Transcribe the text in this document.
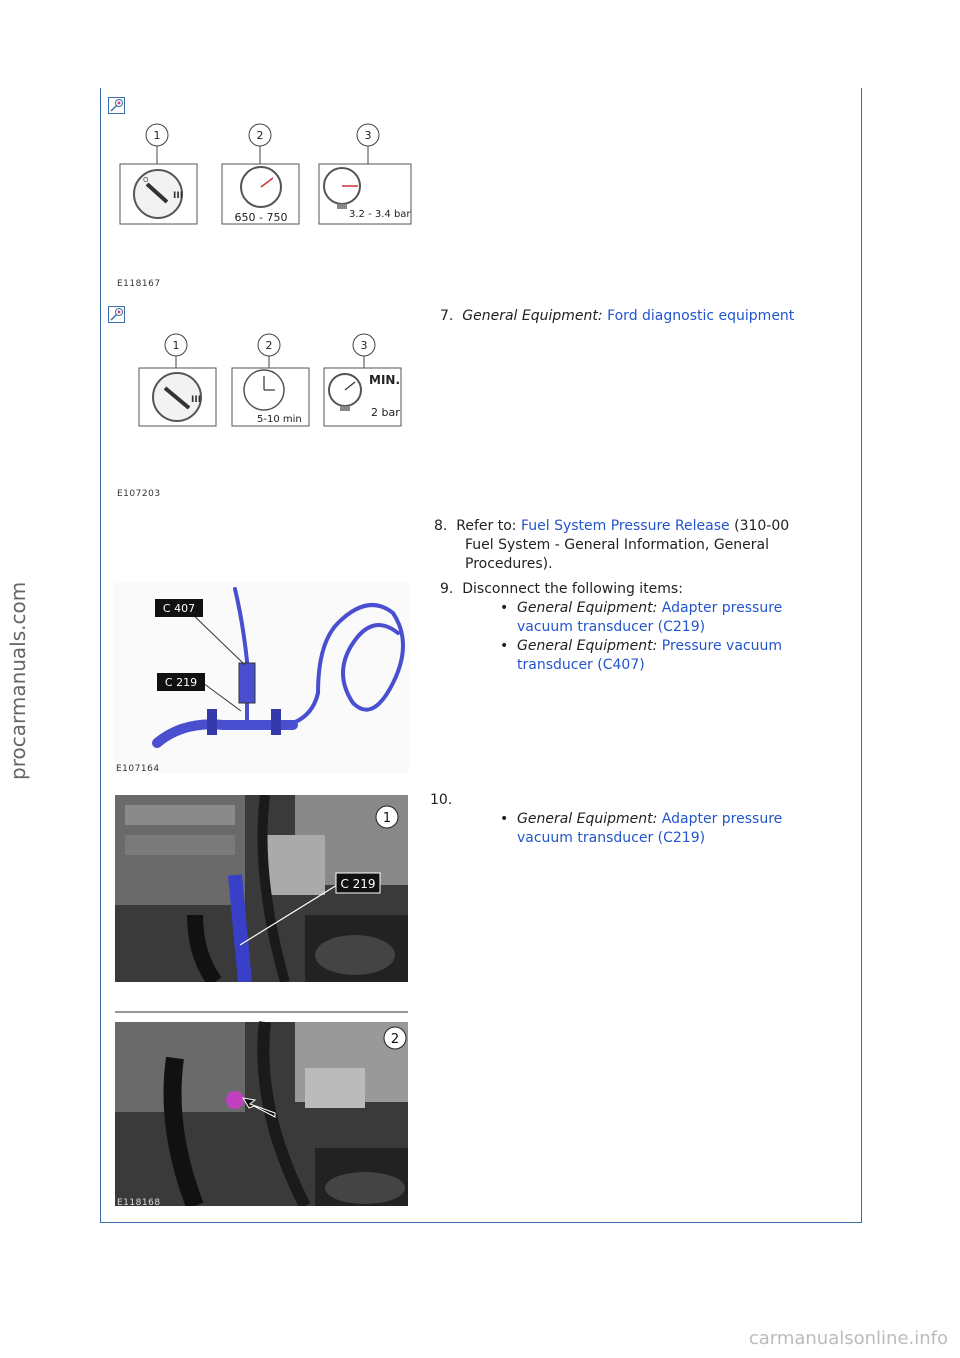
1	2	3
O
III
650 - 750	3.2 - 3.4 bar
E118167
7. General Equipment: Ford diagnostic equipment
1	2	3
III
5-10 min
MIN.
2 bar
E107203
8. Refer to: Fuel System Pressure Release (310-00
Fuel System - General Information, General
Procedures).
C 407
C 219
E107164
9. Disconnect the following items:
• General Equipment: Adapter pressure
vacuum transducer (C219)
• General Equipment: Pressure vacuum
transducer (C407)
1
C 219
10.
• General Equipment: Adapter pressure
vacuum transducer (C219)
2
E118168
procarmanuals.com
carmanualsonline.info
